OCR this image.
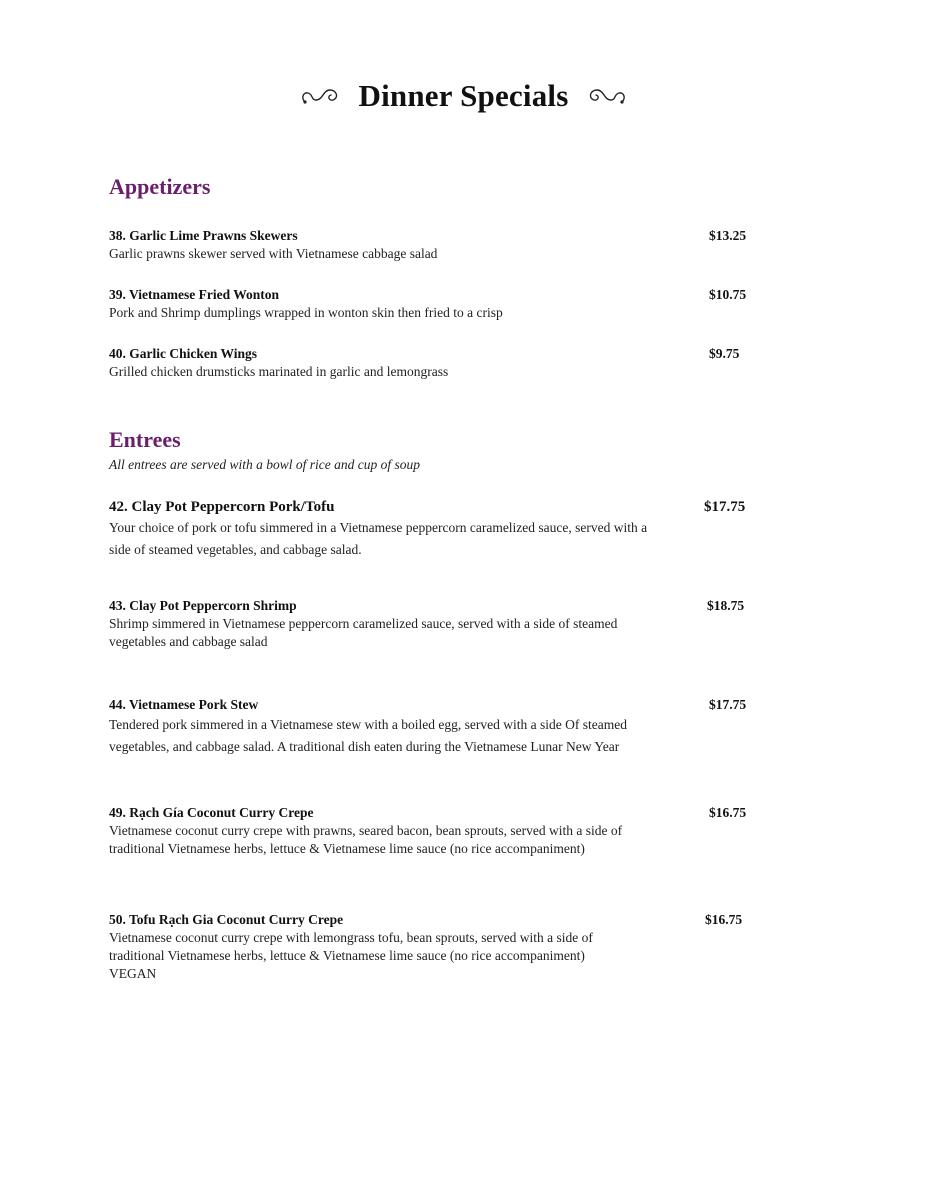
Dinner Specials
Appetizers
38. Garlic Lime Prawns Skewers	$13.25
Garlic prawns skewer served with Vietnamese cabbage salad
39. Vietnamese Fried Wonton	$10.75
Pork and Shrimp dumplings wrapped in wonton skin then fried to a crisp
40. Garlic Chicken Wings	$9.75
Grilled chicken drumsticks marinated in garlic and lemongrass
Entrees
All entrees are served with a bowl of rice and cup of soup
42. Clay Pot Peppercorn Pork/Tofu	$17.75
Your choice of pork or tofu simmered in a Vietnamese peppercorn caramelized sauce, served with a side of steamed vegetables, and cabbage salad.
43. Clay Pot Peppercorn Shrimp	$18.75
Shrimp simmered in Vietnamese peppercorn caramelized sauce, served with a side of steamed vegetables and cabbage salad
44. Vietnamese Pork Stew	$17.75
Tendered pork simmered in a Vietnamese stew with a boiled egg, served with a side Of steamed vegetables, and cabbage salad. A traditional dish eaten during the Vietnamese Lunar New Year
49. Rạch Gía Coconut Curry Crepe	$16.75
Vietnamese coconut curry crepe with prawns, seared bacon, bean sprouts, served with a side of traditional Vietnamese herbs, lettuce & Vietnamese lime sauce (no rice accompaniment)
50. Tofu Rạch Gia Coconut Curry Crepe	$16.75
Vietnamese coconut curry crepe with lemongrass tofu, bean sprouts, served with a side of traditional Vietnamese herbs, lettuce & Vietnamese lime sauce (no rice accompaniment) VEGAN
